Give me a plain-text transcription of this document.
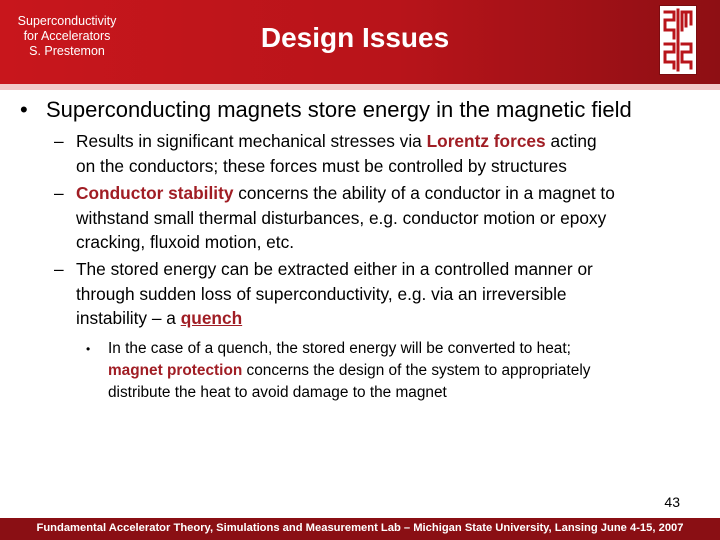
Superconductivity
for Accelerators
S. Prestemon	Design Issues
• Superconducting magnets store energy in the magnetic field
– Results in significant mechanical stresses via Lorentz forces acting
on the conductors; these forces must be controlled by structures
– Conductor stability concerns the ability of a conductor in a magnet to
withstand small thermal disturbances, e.g. conductor motion or epoxy
cracking, fluxoid motion, etc.
– The stored energy can be extracted either in a controlled manner or
through sudden loss of superconductivity, e.g. via an irreversible
instability – a quench
• In the case of a quench, the stored energy will be converted to heat;
magnet protection concerns the design of the system to appropriately
distribute the heat to avoid damage to the magnet
43
Fundamental Accelerator Theory, Simulations and Measurement Lab – Michigan State University, Lansing June 4-15, 2007
